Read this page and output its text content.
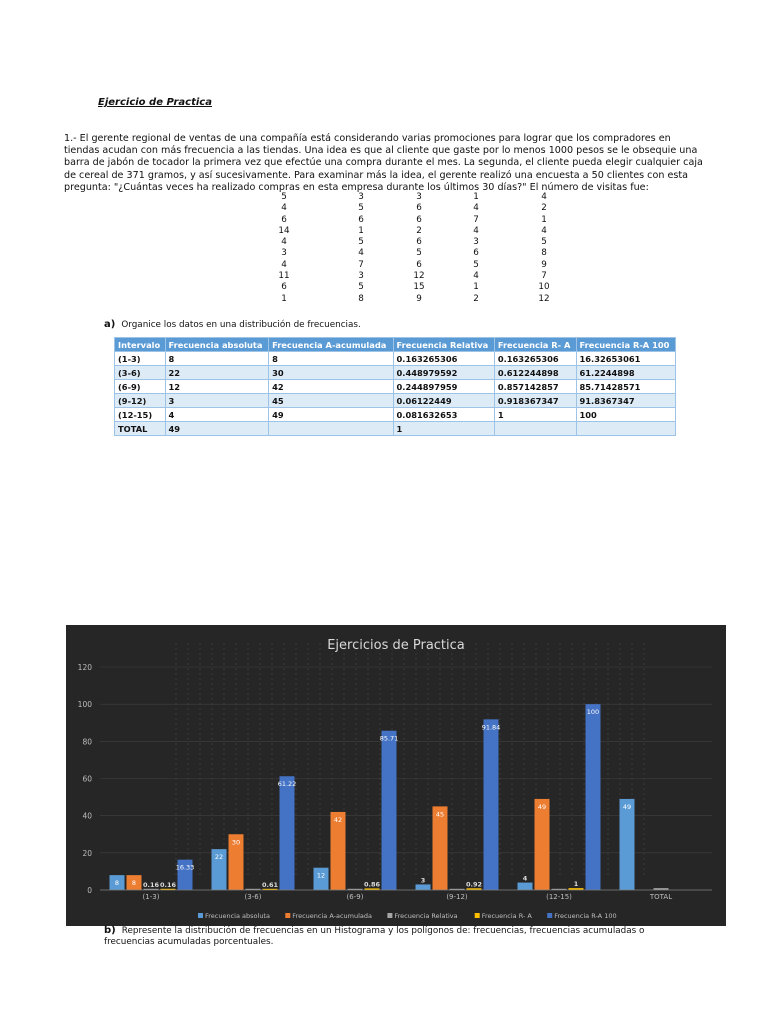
Ejercicio de Practica
1.- El gerente regional de ventas de una compañía está considerando varias promociones para lograr que los compradores en tiendas acudan con más frecuencia a las tiendas. Una idea es que al cliente que gaste por lo menos 1000 pesos se le obsequie una barra de jabón de tocador la primera vez que efectúe una compra durante el mes. La segunda, el cliente pueda elegir cualquier caja de cereal de 371 gramos, y así sucesivamente. Para examinar más la idea, el gerente realizó una encuesta a 50 clientes con esta pregunta: "¿Cuántas veces ha realizado compras en esta empresa durante los últimos 30 días?" El número de visitas fue:
5	3	3	1	4
4	5	6	4	2
6	6	6	7	1
14	1	2	4	4
4	5	6	3	5
3	4	5	6	8
4	7	6	5	9
11	3	12	4	7
6	5	15	1	10
1	8	9	2	12
a) Organice los datos en una distribución de frecuencias.
Intervalo	Frecuencia absoluta	Frecuencia A-acumulada	Frecuencia Relativa	Frecuencia R- A	Frecuencia R-A 100
(1-3)	8	8	0.163265306	0.163265306	16.32653061
(3-6)	22	30	0.448979592	0.612244898	61.2244898
(6-9)	12	42	0.244897959	0.857142857	85.71428571
(9-12)	3	45	0.06122449	0.918367347	91.8367347
(12-15)	4	49	0.081632653	1	100
TOTAL	49		1		
Ejercicios de Practica
0
20
40
60
80
100
120
(1-3)
8 8 0.16 0.16
16.33
(3-6)
22
30
0.61
61.22
(6-9)
12
42
0.86
85.71
(9-12)
3
45
0.92
91.84
(12-15)
4
49
1
100
TOTAL
49
Frecuencia absoluta	Frecuencia A-acumulada	Frecuencia Relativa	Frecuencia R- A	Frecuencia R-A 100
b) Represente la distribución de frecuencias en un Histograma y los polígonos de: frecuencias, frecuencias acumuladas o frecuencias acumuladas porcentuales.
